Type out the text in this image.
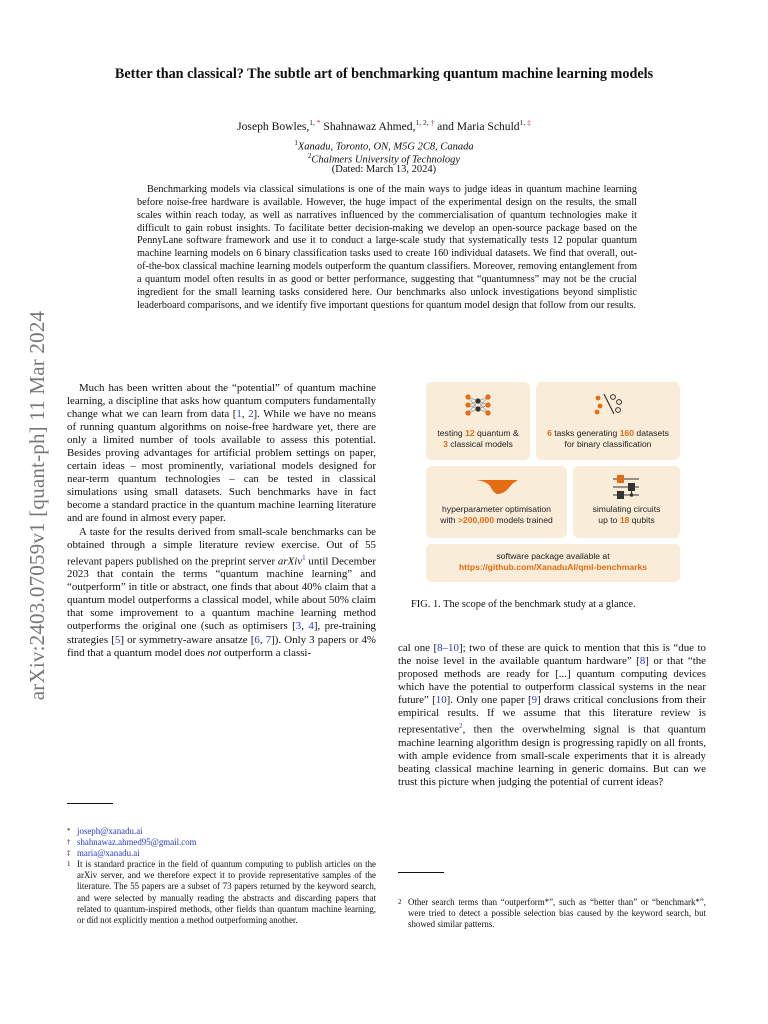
arXiv:2403.07059v1 [quant-ph] 11 Mar 2024
Better than classical? The subtle art of benchmarking quantum machine learning models
Joseph Bowles,$^{1,}$ * Shahnawaz Ahmed,$^{1, 2,}$ † and Maria Schuld$^{1,}$ ‡
$^1$Xanadu, Toronto, ON, M5G 2C8, Canada
$^2$Chalmers University of Technology
(Dated: March 13, 2024)
Benchmarking models via classical simulations is one of the main ways to judge ideas in quantum machine learning before noise-free hardware is available. However, the huge impact of the experimental design on the results, the small scales within reach today, as well as narratives influenced by the commercialisation of quantum technologies make it difficult to gain robust insights. To facilitate better decision-making we develop an open-source package based on the PennyLane software framework and use it to conduct a large-scale study that systematically tests 12 popular quantum machine learning models on 6 binary classification tasks used to create 160 individual datasets. We find that overall, out-of-the-box classical machine learning models outperform the quantum classifiers. Moreover, removing entanglement from a quantum model often results in as good or better performance, suggesting that “quantumness” may not be the crucial ingredient for the small learning tasks considered here. Our benchmarks also unlock investigations beyond simplistic leaderboard comparisons, and we identify five important questions for quantum model design that follow from our results.

Much has been written about the “potential” of quantum machine learning, a discipline that asks how quantum computers fundamentally change what we can learn from data [1, 2]. While we have no means of running quantum algorithms on noise-free hardware yet, there are only a limited number of tools available to assess this potential. Besides proving advantages for artificial problem settings on paper, certain ideas – most prominently, variational models designed for near-term quantum technologies – can be tested in classical simulations using small datasets. Such benchmarks have in fact become a standard practice in the quantum machine learning literature and are found in almost every paper.

A taste for the results derived from small-scale benchmarks can be obtained through a simple literature review exercise. Out of 55 relevant papers published on the preprint server arXiv$^1$ until December 2023 that contain the terms “quantum machine learning” and “outperform” in title or abstract, one finds that about 40% claim that a quantum model outperforms a classical model, while about 50% claim that some improvement to a quantum machine learning method outperforms the original one (such as optimisers [3, 4], pre-training strategies [5] or symmetry-aware ansatze [6, 7]). Only 3 papers or 4% find that a quantum model does not outperform a classi-

* joseph@xanadu.ai
† shahnawaz.ahmed95@gmail.com
‡ maria@xanadu.ai
1 It is standard practice in the field of quantum computing to publish articles on the arXiv server, and we therefore expect it to provide representative samples of the literature. The 55 papers are a subset of 73 papers returned by the keyword search, and were selected by manually reading the abstracts and discarding papers that related to quantum-inspired methods, other fields than quantum machine learning, or did not explicitly mention a method outperforming another.
testing 12 quantum &
3 classical models
6 tasks generating 160 datasets
for binary classification
hyperparameter optimisation
with >200,000 models trained
simulating circuits
up to 18 qubits
software package available at
https://github.com/XanaduAI/qml-benchmarks
FIG. 1. The scope of the benchmark study at a glance.

cal one [8–10]; two of these are quick to mention that this is “due to the noise level in the available quantum hardware” [8] or that “the proposed methods are ready for [...] quantum computing devices which have the potential to outperform classical systems in the near future” [10]. Only one paper [9] draws critical conclusions from their empirical results. If we assume that this literature review is representative$^2$, then the overwhelming signal is that quantum machine learning algorithm design is progressing rapidly on all fronts, with ample evidence from small-scale experiments that it is already beating classical machine learning in generic domains. But can we trust this picture when judging the potential of current ideas?

2 Other search terms than “outperform*”, such as “better than” or “benchmark*”, were tried to detect a possible selection bias caused by the keyword search, but showed similar patterns.
